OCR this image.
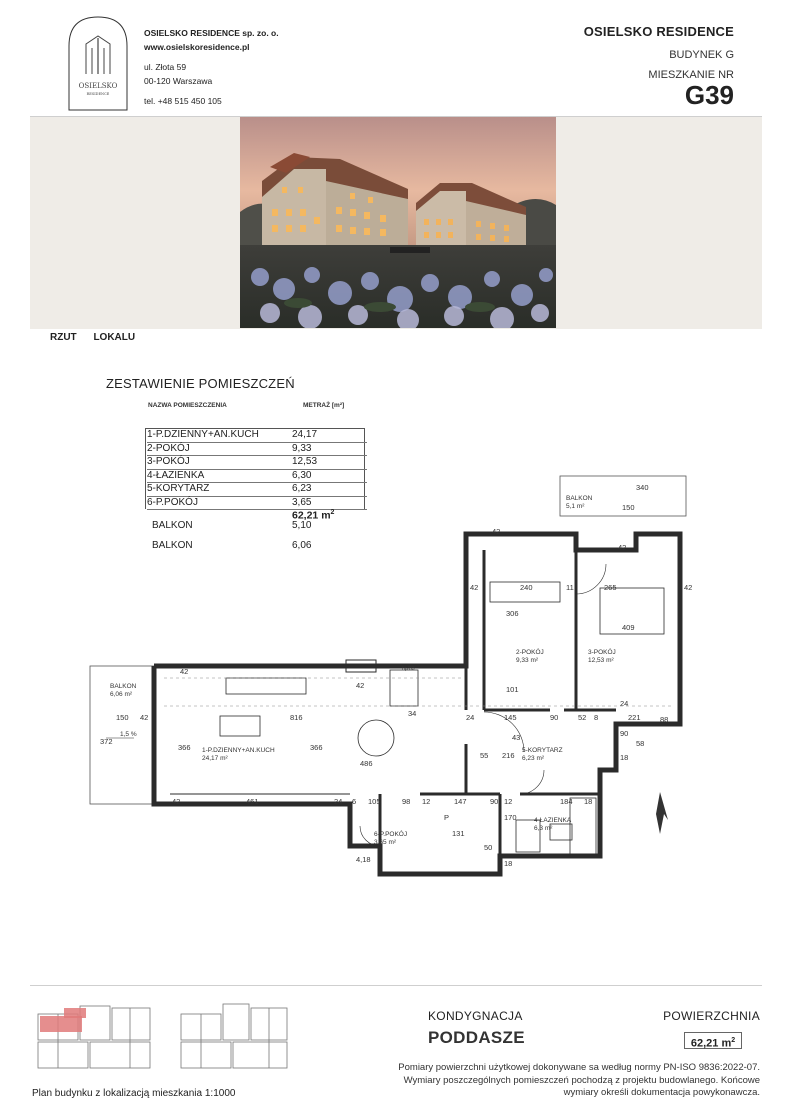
OSIELSKO
RESIDENCE
OSIELSKO RESIDENCE sp. zo. o.
www.osielskoresidence.pl
ul. Złota 59
00-120 Warszawa
tel. +48 515 450 105
OSIELSKO RESIDENCE
BUDYNEK G
MIESZKANIE NR
G39
RZUT LOKALU
ZESTAWIENIE POMIESZCZEŃ
NAZWA POMIESZCZENIA	METRAŻ [m²]
1-P.DZIENNY+AN.KUCH	24,17
2-POKÓJ	9,33
3-POKÓJ	12,53
4-ŁAZIENKA	6,30
5-KORYTARZ	6,23
6-P.POKÓJ	3,65
62,21 $m^2$
BALKON	5,10
BALKON	6,06
BALKON
5,1 m²
BALKON
6,06 m²
1,5 %
1-P.DZIENNY+AN.KUCH
24,17 m²
2-POKÓJ
9,33 m²
3-POKÓJ
12,53 m²
4-ŁAZIENKA
6,3 m²
5-KORYTARZ
6,23 m²
6-P.POKÓJ
3,65 m²
hp/83
340
150
42
42
42	42
240	11	265
306
409
42
42
42
150	816
372
366	366
486
34
101
24	145	90	52 8	221	88
24
90
58
18
55 216
43
42	461	24 6 105	98 12	147	90 12	184 18
131
170
50
18
4,18
P
Plan budynku z lokalizacją mieszkania 1:1000
KONDYGNACJA
PODDASZE
POWIERZCHNIA
62,21 $m^2$
Pomiary powierzchni użytkowej dokonywane sa według normy PN-ISO 9836:2022-07. Wymiary poszczególnych pomieszczeń pochodzą z projektu budowlanego. Końcowe wymiary określi dokumentacja powykonawcza.
